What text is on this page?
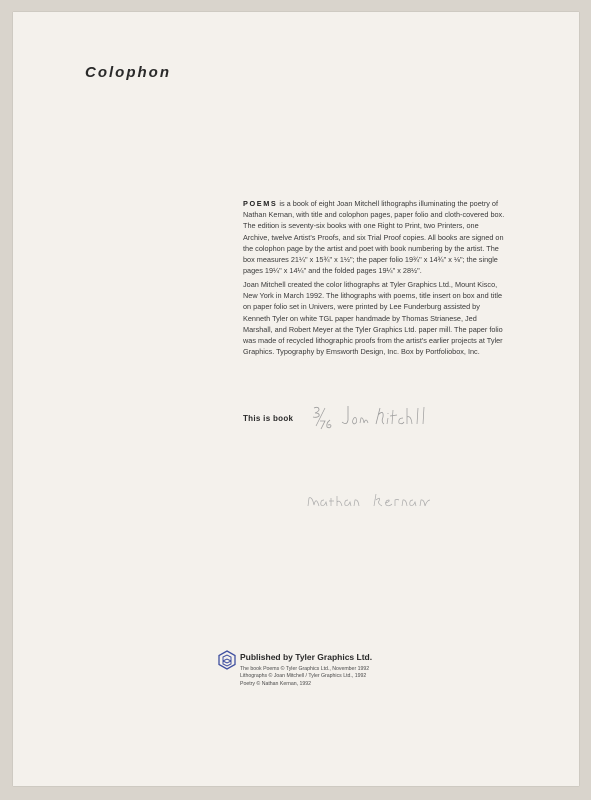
Colophon

POEMS is a book of eight Joan Mitchell lithographs illuminating the poetry of Nathan Kernan, with title and colophon pages, paper folio and cloth-covered box. The edition is seventy-six books with one Right to Print, two Printers, one Archive, twelve Artist's Proofs, and six Trial Proof copies. All books are signed on the colophon page by the artist and poet with book numbering by the artist. The box measures 21¼" x 15¾" x 1½"; the paper folio 19¾" x 14¾" x ⅛"; the single pages 19¼" x 14¼" and the folded pages 19¼" x 28½".

Joan Mitchell created the color lithographs at Tyler Graphics Ltd., Mount Kisco, New York in March 1992. The lithographs with poems, title insert on box and title on paper folio set in Univers, were printed by Lee Funderburg assisted by Kenneth Tyler on white TGL paper handmade by Thomas Strianese, Jed Marshall, and Robert Meyer at the Tyler Graphics Ltd. paper mill. The paper folio was made of recycled lithographic proofs from the artist's earlier projects at Tyler Graphics. Typography by Emsworth Design, Inc. Box by Portfoliobox, Inc.

This is book

Published by Tyler Graphics Ltd.

The book Poems © Tyler Graphics Ltd., November 1992

Lithographs © Joan Mitchell / Tyler Graphics Ltd., 1992

Poetry © Nathan Kernan, 1992
